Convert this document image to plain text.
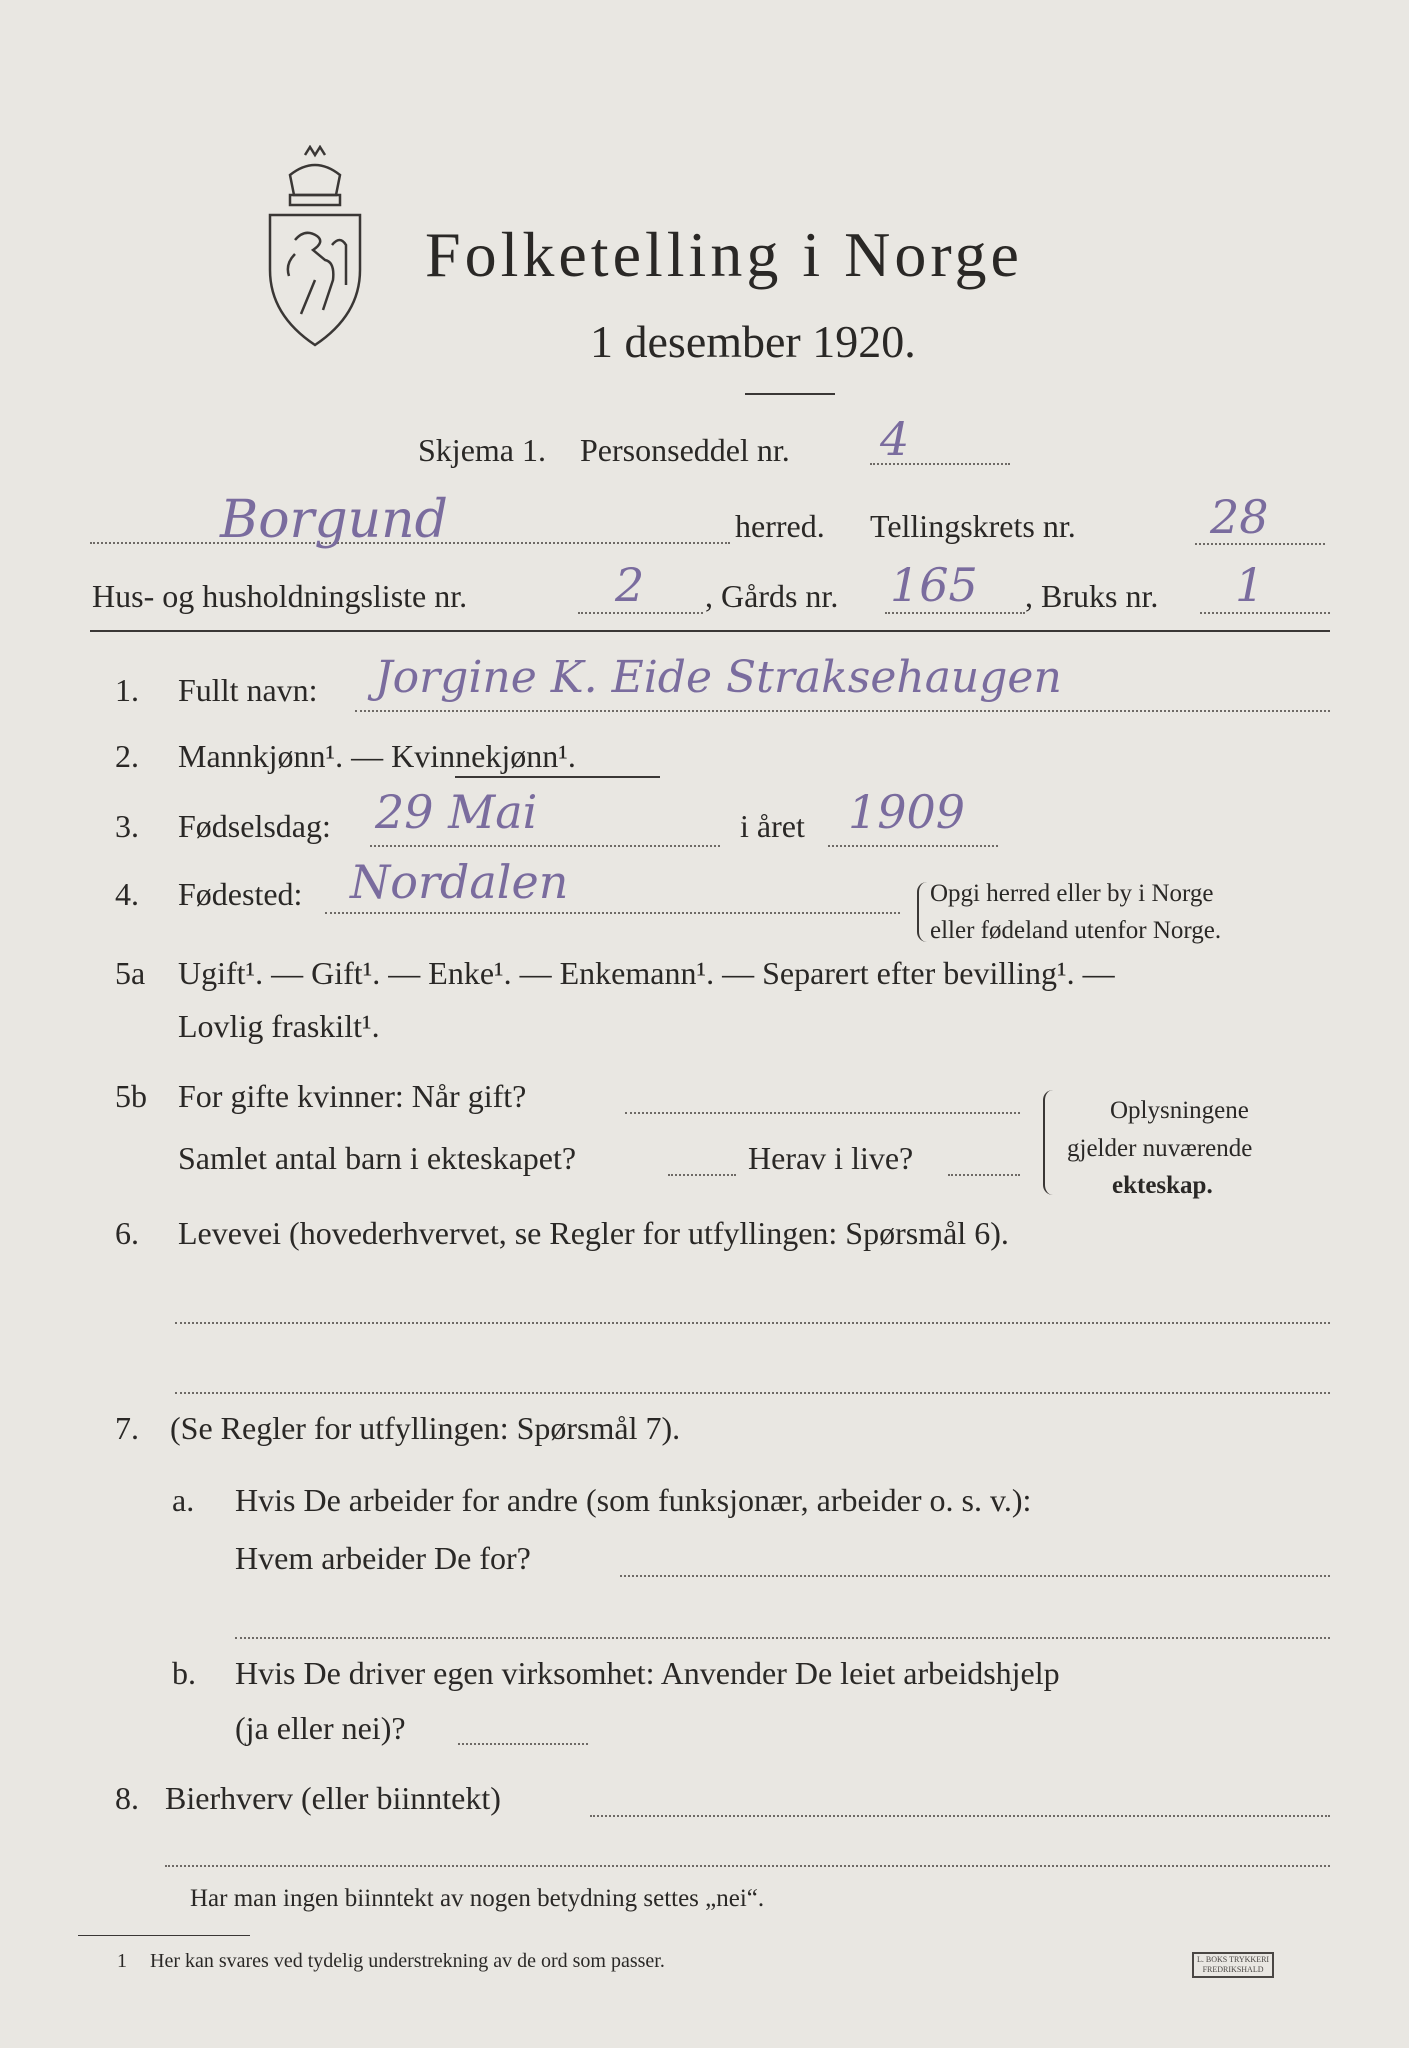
Folketelling i Norge
1 desember 1920.
Skjema 1. Personseddel nr. 4
Borgund	herred. Tellingskrets nr.	28
Hus- og husholdningsliste nr.	2 , Gårds nr. 165 , Bruks nr. 1
1. Fullt navn: Jorgine K. Eide Straksehaugen
2. Mannkjønn¹. — Kvinnekjønn¹.
3. Fødselsdag: 29 Mai	i året 1909
4. Fødested: Nordalen	Opgi herred eller by i Norge
eller fødeland utenfor Norge.
5a Ugift¹. — Gift¹. — Enke¹. — Enkemann¹. — Separert efter bevilling¹. —
Lovlig fraskilt¹.
5b For gifte kvinner: Når gift?
Samlet antal barn i ekteskapet?	Herav i live?
Oplysningene
gjelder nuværende
ekteskap.
6. Levevei (hovederhvervet, se Regler for utfyllingen: Spørsmål 6).
7. (Se Regler for utfyllingen: Spørsmål 7).
a. Hvis De arbeider for andre (som funksjonær, arbeider o. s. v.):
Hvem arbeider De for?
b. Hvis De driver egen virksomhet: Anvender De leiet arbeidshjelp
(ja eller nei)?
8. Bierhverv (eller biinntekt)
Har man ingen biinntekt av nogen betydning settes „nei“.
1 Her kan svares ved tydelig understrekning av de ord som passer.	L. BOKS TRYKKERI
FREDRIKSHALD
